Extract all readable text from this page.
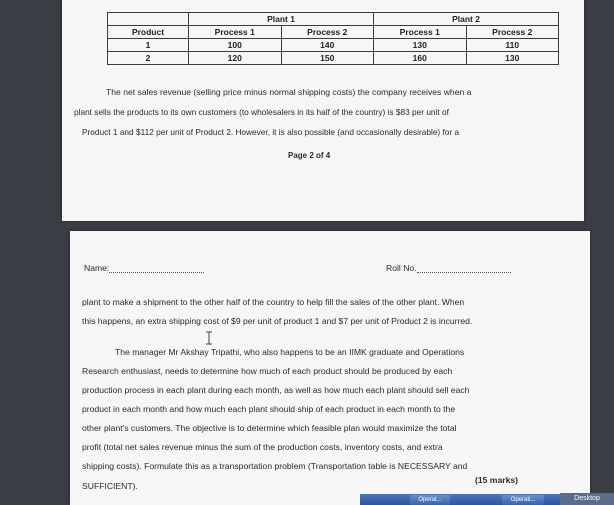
	Plant 1		Plant 2	
Product	Process 1	Process 2	Process 1	Process 2
1	100	140	130	110
2	120	150	160	130
The net sales revenue (selling price minus normal shipping costs) the company receives when a
plant sells the products to its own customers (to wholesalers in its half of the country) is $83 per unit of
Product 1 and $112 per unit of Product 2. However, it is also possible (and occasionally desirable) for a
Page 2 of 4
Name:	Roll No.
plant to make a shipment to the other half of the country to help fill the sales of the other plant. When
this happens, an extra shipping cost of $9 per unit of product 1 and $7 per unit of Product 2 is incurred.
The manager Mr Akshay Tripathi, who also happens to be an IIMK graduate and Operations
Research enthusiast, needs to determine how much of each product should be produced by each
production process in each plant during each month, as well as how much each plant should sell each
product in each month and how much each plant should ship of each product in each month to the
other plant's customers. The objective is to determine which feasible plan would maximize the total
profit (total net sales revenue minus the sum of the production costs, inventory costs, and extra
shipping costs). Formulate this as a transportation problem (Transportation table is NECESSARY and
SUFFICIENT).
(15 marks)
Operat...	Operati...	Desktop
